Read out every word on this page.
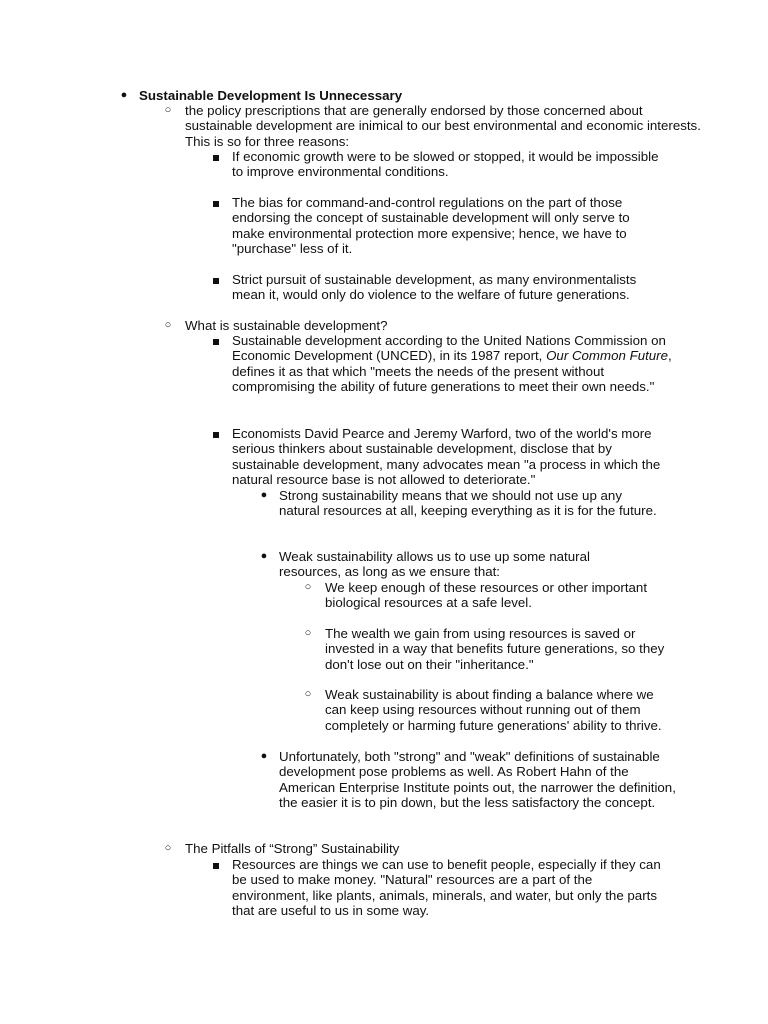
● Sustainable Development Is Unnecessary

○ the policy prescriptions that are generally endorsed by those concerned about sustainable development are inimical to our best environmental and economic interests. This is so for three reasons:

If economic growth were to be slowed or stopped, it would be impossible to improve environmental conditions.

The bias for command-and-control regulations on the part of those endorsing the concept of sustainable development will only serve to make environmental protection more expensive; hence, we have to "purchase" less of it.

Strict pursuit of sustainable development, as many environmentalists mean it, would only do violence to the welfare of future generations.

○ What is sustainable development?

Sustainable development according to the United Nations Commission on Economic Development (UNCED), in its 1987 report, Our Common Future, defines it as that which "meets the needs of the present without compromising the ability of future generations to meet their own needs."

Economists David Pearce and Jeremy Warford, two of the world's more serious thinkers about sustainable development, disclose that by sustainable development, many advocates mean "a process in which the natural resource base is not allowed to deteriorate."

● Strong sustainability means that we should not use up any natural resources at all, keeping everything as it is for the future.

● Weak sustainability allows us to use up some natural resources, as long as we ensure that:

○ We keep enough of these resources or other important biological resources at a safe level.

○ The wealth we gain from using resources is saved or invested in a way that benefits future generations, so they don't lose out on their "inheritance."

○ Weak sustainability is about finding a balance where we can keep using resources without running out of them completely or harming future generations' ability to thrive.

● Unfortunately, both "strong" and "weak" definitions of sustainable development pose problems as well. As Robert Hahn of the American Enterprise Institute points out, the narrower the definition, the easier it is to pin down, but the less satisfactory the concept.

○ The Pitfalls of “Strong” Sustainability

Resources are things we can use to benefit people, especially if they can be used to make money. "Natural" resources are a part of the environment, like plants, animals, minerals, and water, but only the parts that are useful to us in some way.
